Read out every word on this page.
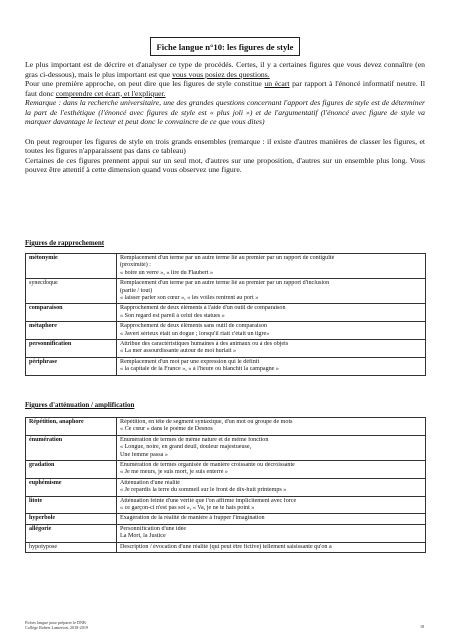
Fiche langue n°10: les figures de style

Le plus important est de décrire et d'analyser ce type de procédés. Certes, il y a certaines figures que vous devez connaître (en gras ci-dessous), mais le plus important est que vous vous posiez des questions.

Pour une première approche, on peut dire que les figures de style constitue un écart par rapport à l'énoncé informatif neutre. Il faut donc comprendre cet écart, et l'expliquer.

Remarque : dans la recherche universitaire, une des grandes questions concernant l'apport des figures de style est de déterminer la part de l'esthétique (l'énoncé avec figures de style est « plus joli ») et de l'argumentatif (l'énoncé avec figure de style va marquer davantage le lecteur et peut donc le convaincre de ce que vous dites)

On peut regrouper les figures de style en trois grands ensembles (remarque : il existe d'autres manières de classer les figures, et toutes les figures n'apparaissent pas dans ce tableau)

Certaines de ces figures prennent appui sur un seul mot, d'autres sur une proposition, d'autres sur un ensemble plus long. Vous pouvez être attentif à cette dimension quand vous observez une figure.

Figures de rapprochement
métonymie	Remplacement d'un terme par un autre terme lié au premier par un rapport de contiguïté
(proximité) :
« boire un verre », « lire du Flaubert »

synecdoque	Remplacement d'un terme par un autre terme lié au premier par un rapport d'inclusion
(partie / tout)
« laisser parler son cœur », « les voiles rentrent au port »

comparaison	Rapprochement de deux éléments à l'aide d'un outil de comparaison
« Son regard est pareil à celui des statues »

métaphore	Rapprochement de deux éléments sans outil de comparaison
« Javert sérieux était un dogue ; lorsqu'il riait c'était un tigre»

personnification	Attribue des caractéristiques humaines à des animaux ou à des objets
« La mer assourdissante autour de moi hurlait »

périphrase	Remplacement d'un mot par une expression qui le définit
« la capitale de la France », « à l'heure où blanchit la campagne »
Figures d'atténuation / amplification
Répétition, anaphore	Répétition, en tête de segment syntaxique, d'un mot ou groupe de mots
« Ce cœur » dans le poème de Desnos

énumération	Énumération de termes de même nature et de même fonction
« Longue, noire, en grand deuil, douleur majestueuse,
Une femme passa »

gradation	Énumération de termes organisée de manière croissante ou décroissante
« Je me meurs, je suis mort, je suis enterré »

euphémisme	Atténuation d'une réalité
« Je repardis la terre du sommeil sur le front de dix-huit printemps »

litote	Atténuation feinte d'une vérité que l'on affirme implicitement avec force
« ce garçon-ci n'est pas sot », « Va, je ne te hais point »

hyperbole	Exagération de la réalité de manière à frapper l'imagination

allégorie	Personnification d'une idée
La Mort, la Justice

hypotypose	Description / évocation d'une réalité (qui peut être fictive) tellement saisissante qu'on a
Fiches langue pour préparer le DNB
Collège Robert Lamerton, 2018-2019	18
